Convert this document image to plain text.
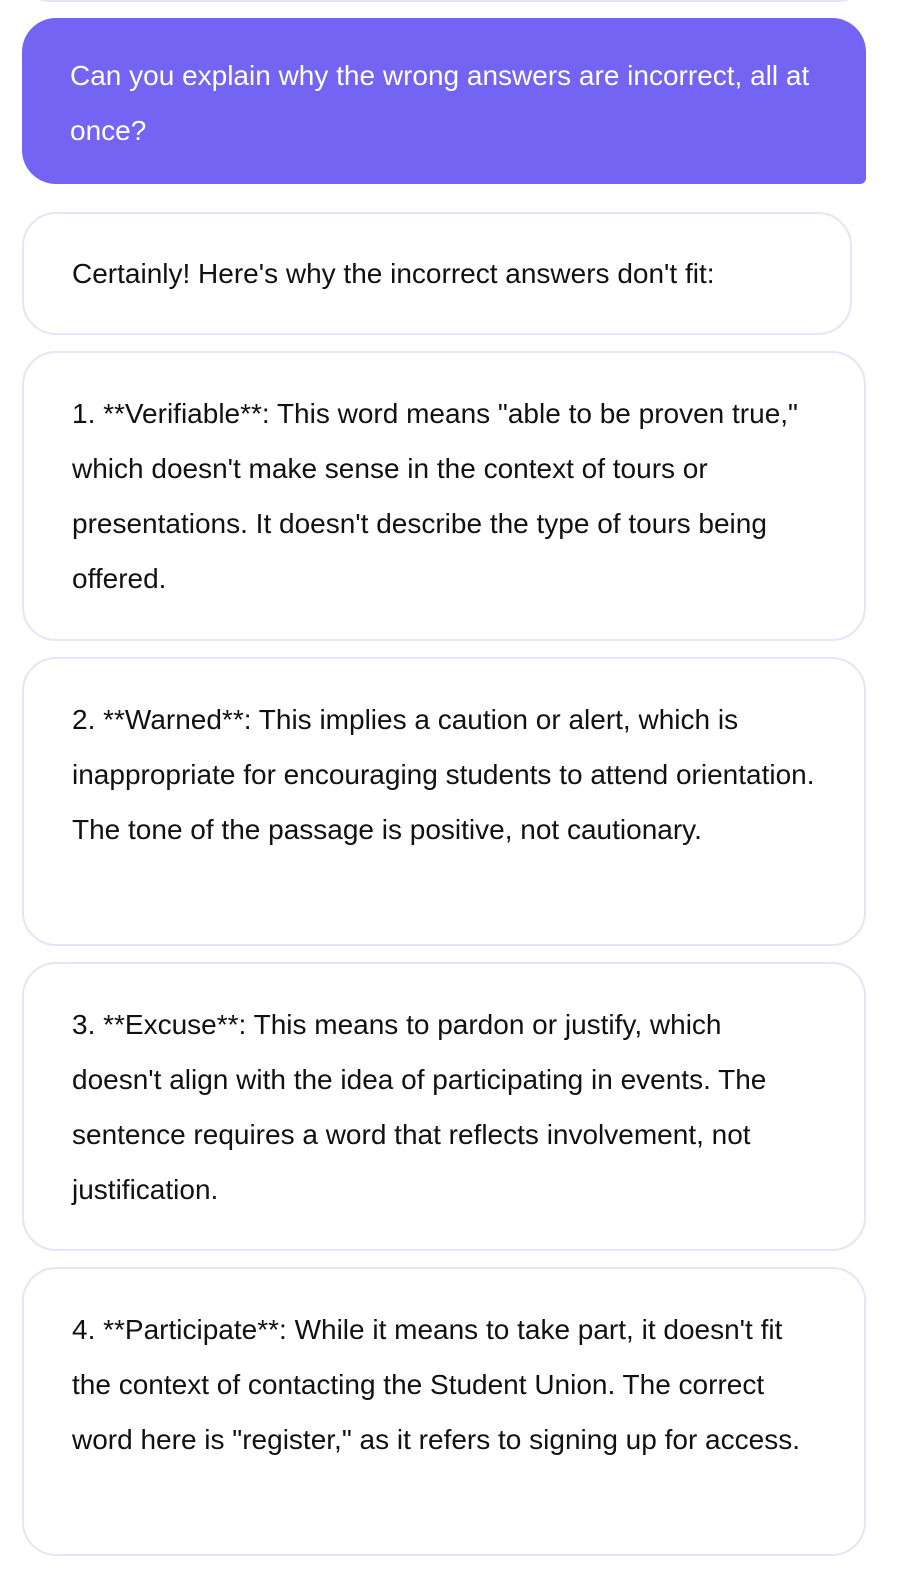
Can you explain why the wrong answers are incorrect, all at once?
Certainly! Here's why the incorrect answers don't fit:
1. **Verifiable**: This word means "able to be proven true," which doesn't make sense in the context of tours or presentations. It doesn't describe the type of tours being offered.
2. **Warned**: This implies a caution or alert, which is inappropriate for encouraging students to attend orientation. The tone of the passage is positive, not cautionary.
3. **Excuse**: This means to pardon or justify, which doesn't align with the idea of participating in events. The sentence requires a word that reflects involvement, not justification.
4. **Participate**: While it means to take part, it doesn't fit the context of contacting the Student Union. The correct word here is "register," as it refers to signing up for access.
